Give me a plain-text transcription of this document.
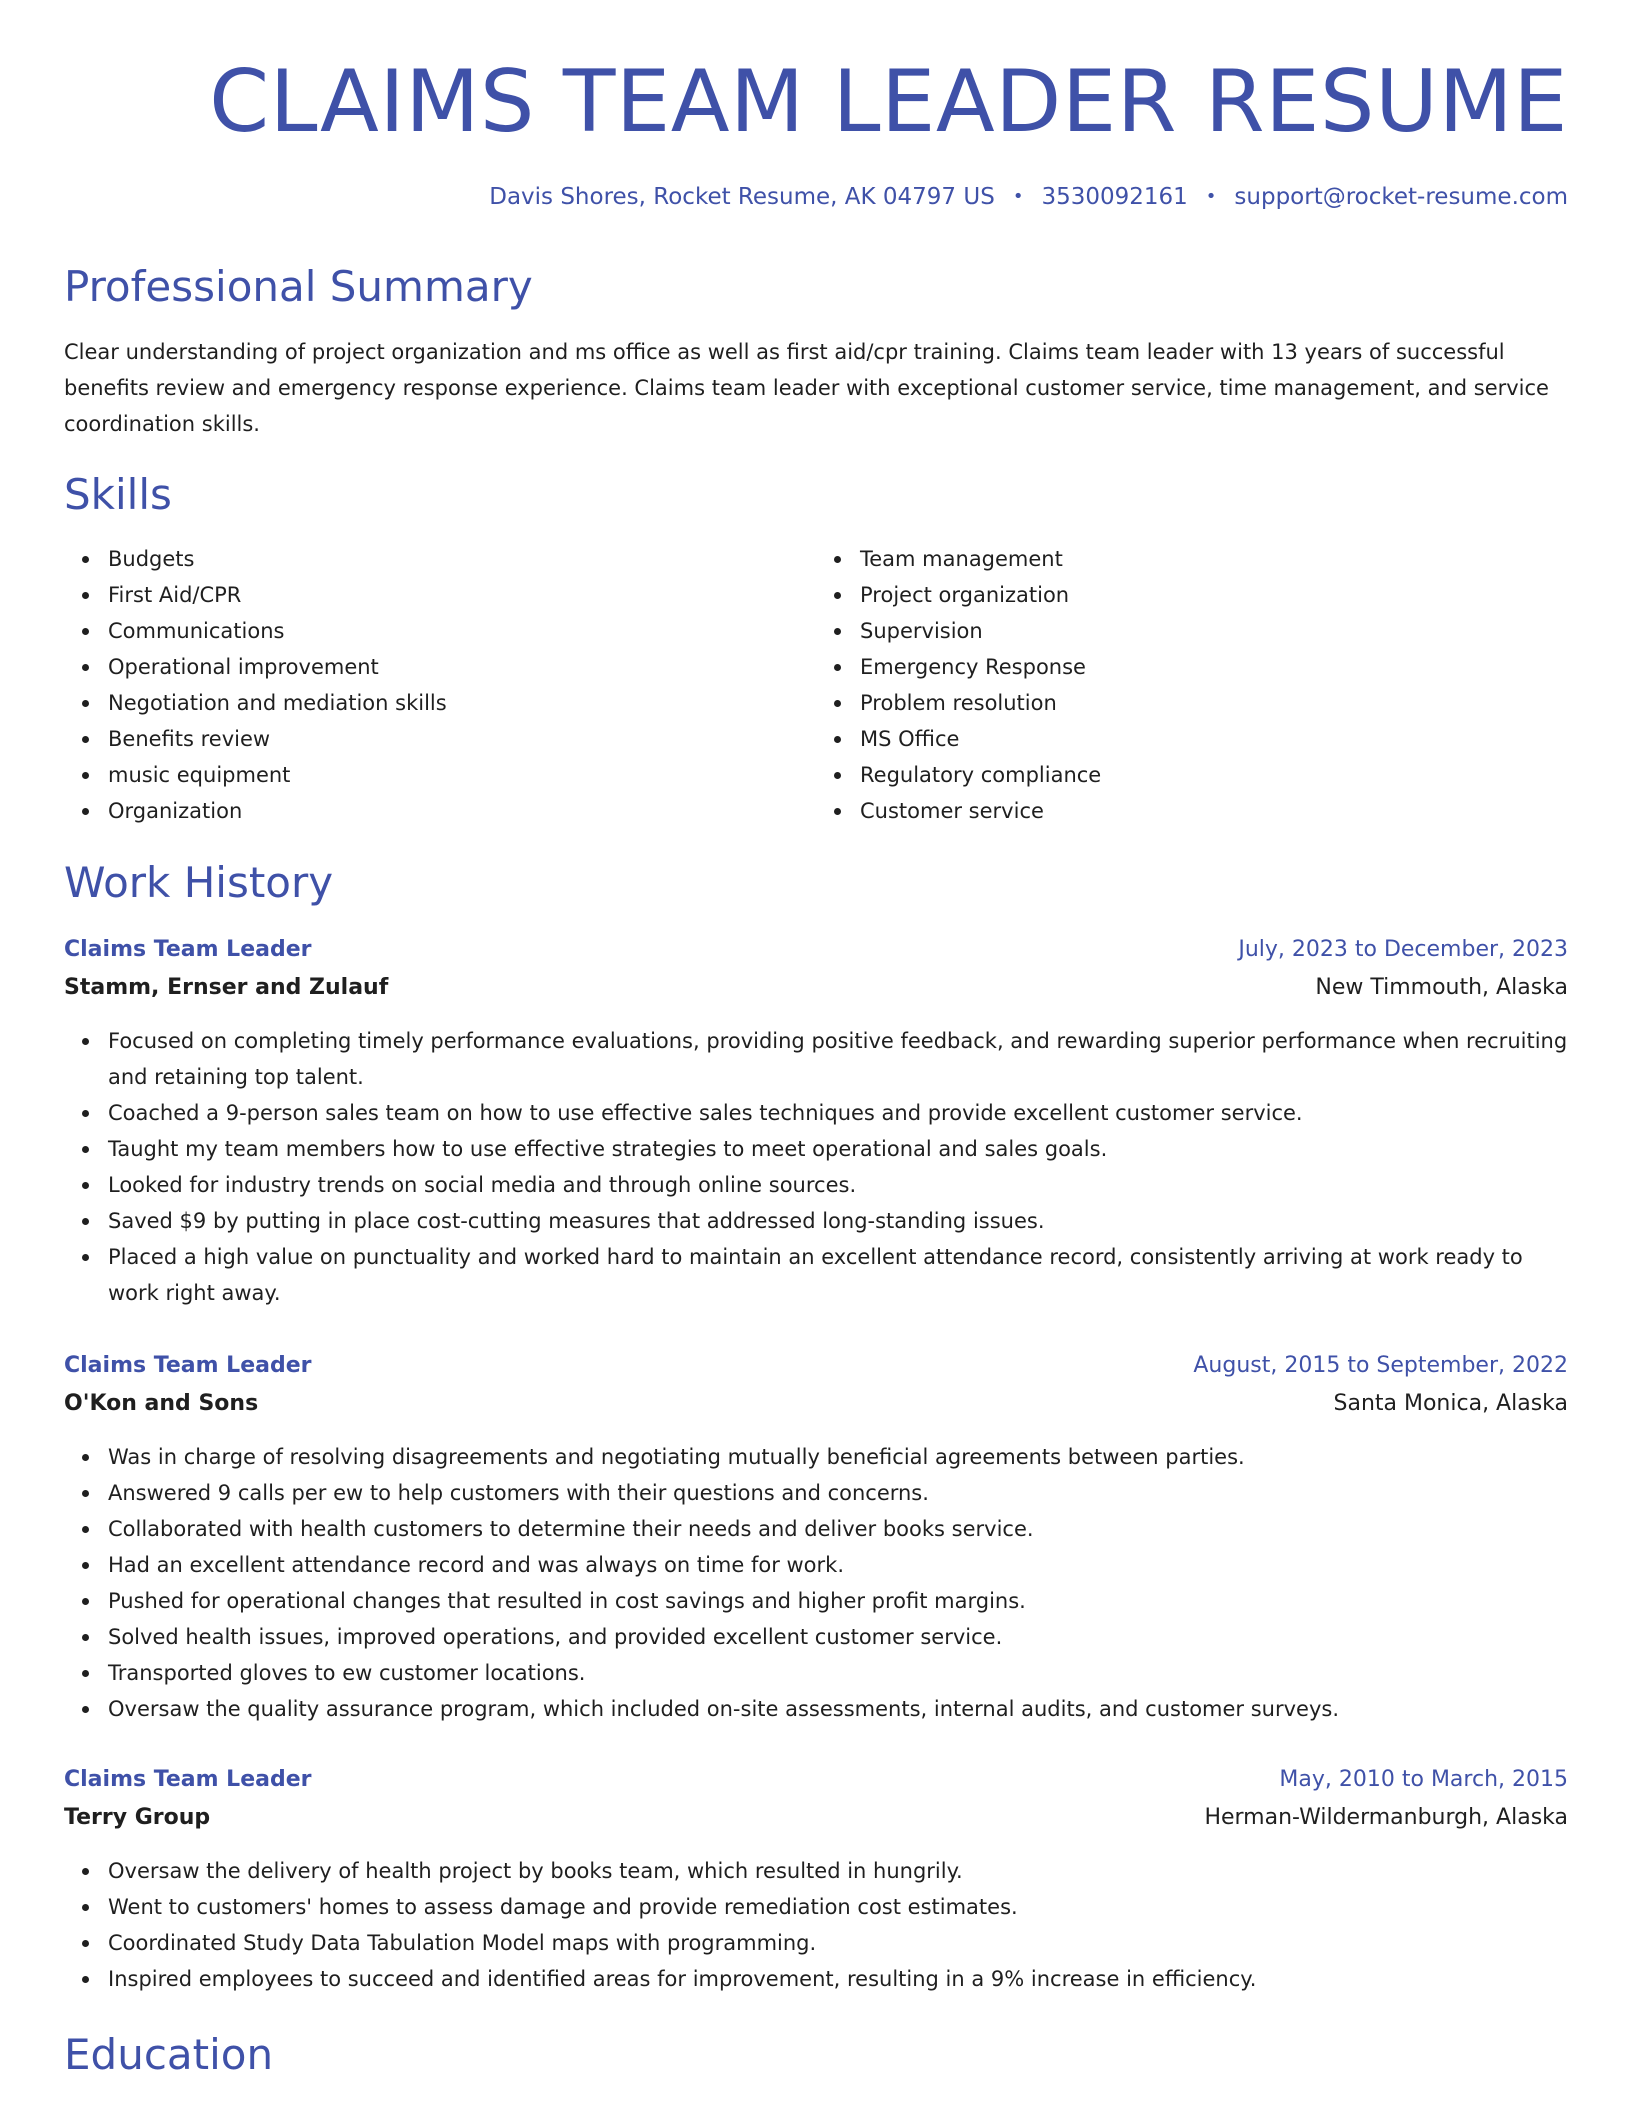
CLAIMS TEAM LEADER RESUME
Davis Shores, Rocket Resume, AK 04797 US • 3530092161 • support@rocket-resume.com
Professional Summary

Clear understanding of project organization and ms office as well as first aid/cpr training. Claims team leader with 13 years of successful benefits review and emergency response experience. Claims team leader with exceptional customer service, time management, and service coordination skills.

Skills
Budgets
First Aid/CPR
Communications
Operational improvement
Negotiation and mediation skills
Benefits review
music equipment
Organization
Team management
Project organization
Supervision
Emergency Response
Problem resolution
MS Office
Regulatory compliance
Customer service
Work History
Claims Team Leader	July, 2023 to December, 2023
Stamm, Ernser and Zulauf	New Timmouth, Alaska
Focused on completing timely performance evaluations, providing positive feedback, and rewarding superior performance when recruiting and retaining top talent.
Coached a 9-person sales team on how to use effective sales techniques and provide excellent customer service.
Taught my team members how to use effective strategies to meet operational and sales goals.
Looked for industry trends on social media and through online sources.
Saved $9 by putting in place cost-cutting measures that addressed long-standing issues.
Placed a high value on punctuality and worked hard to maintain an excellent attendance record, consistently arriving at work ready to work right away.
Claims Team Leader	August, 2015 to September, 2022
O'Kon and Sons	Santa Monica, Alaska
Was in charge of resolving disagreements and negotiating mutually beneficial agreements between parties.
Answered 9 calls per ew to help customers with their questions and concerns.
Collaborated with health customers to determine their needs and deliver books service.
Had an excellent attendance record and was always on time for work.
Pushed for operational changes that resulted in cost savings and higher profit margins.
Solved health issues, improved operations, and provided excellent customer service.
Transported gloves to ew customer locations.
Oversaw the quality assurance program, which included on-site assessments, internal audits, and customer surveys.
Claims Team Leader	May, 2010 to March, 2015
Terry Group	Herman-Wildermanburgh, Alaska
Oversaw the delivery of health project by books team, which resulted in hungrily.
Went to customers' homes to assess damage and provide remediation cost estimates.
Coordinated Study Data Tabulation Model maps with programming.
Inspired employees to succeed and identified areas for improvement, resulting in a 9% increase in efficiency.
Education
